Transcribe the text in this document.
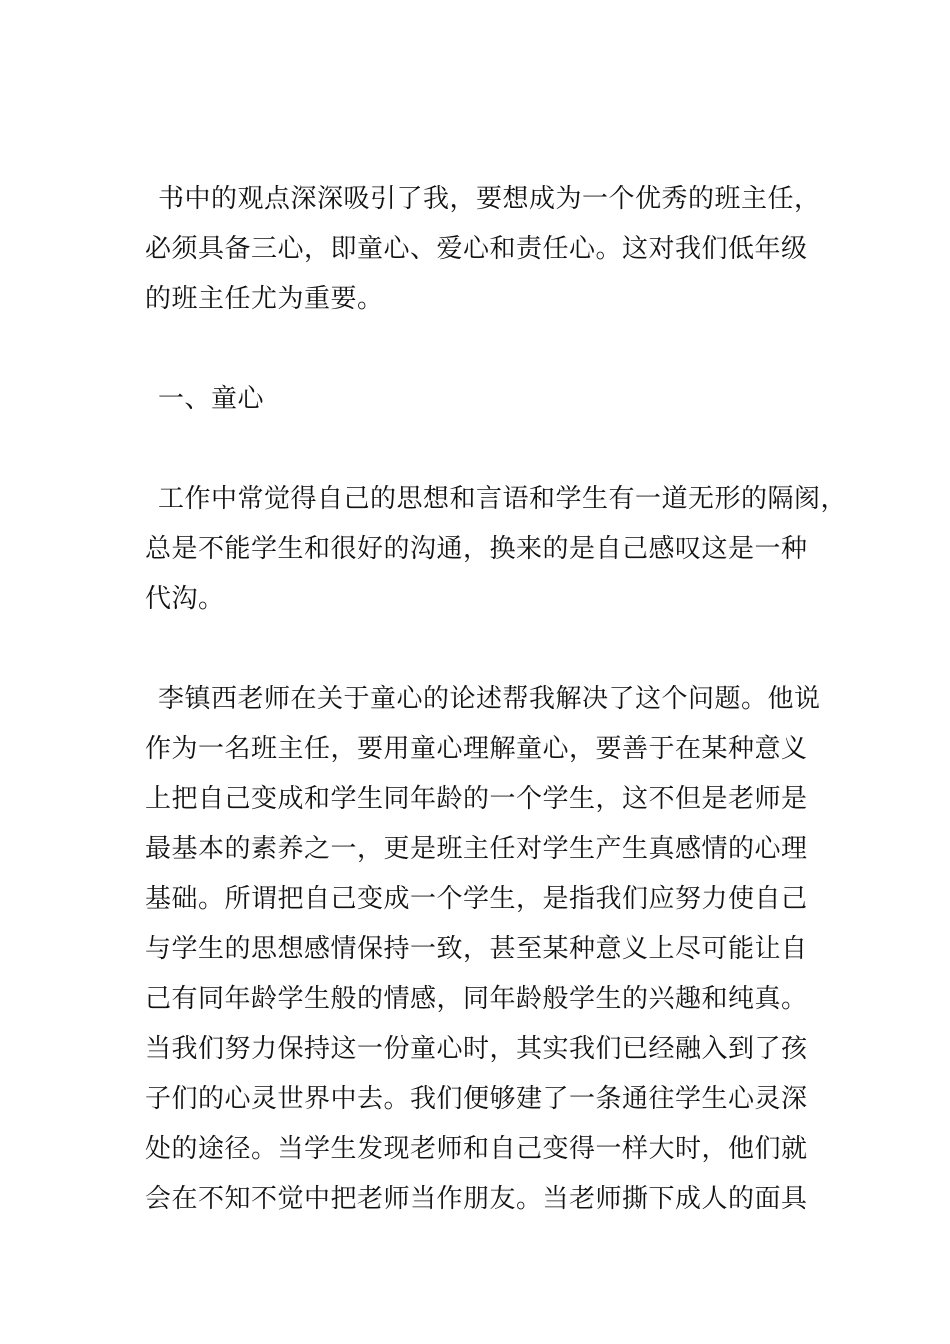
书中的观点深深吸引了我，要想成为一个优秀的班主任，
必须具备三心，即童心、爱心和责任心。这对我们低年级
的班主任尤为重要。
一、童心
工作中常觉得自己的思想和言语和学生有一道无形的隔阂，
总是不能学生和很好的沟通，换来的是自己感叹这是一种
代沟。
李镇西老师在关于童心的论述帮我解决了这个问题。他说
作为一名班主任，要用童心理解童心，要善于在某种意义
上把自己变成和学生同年龄的一个学生，这不但是老师是
最基本的素养之一，更是班主任对学生产生真感情的心理
基础。所谓把自己变成一个学生，是指我们应努力使自己
与学生的思想感情保持一致，甚至某种意义上尽可能让自
己有同年龄学生般的情感，同年龄般学生的兴趣和纯真。
当我们努力保持这一份童心时，其实我们已经融入到了孩
子们的心灵世界中去。我们便够建了一条通往学生心灵深
处的途径。当学生发现老师和自己变得一样大时，他们就
会在不知不觉中把老师当作朋友。当老师撕下成人的面具
